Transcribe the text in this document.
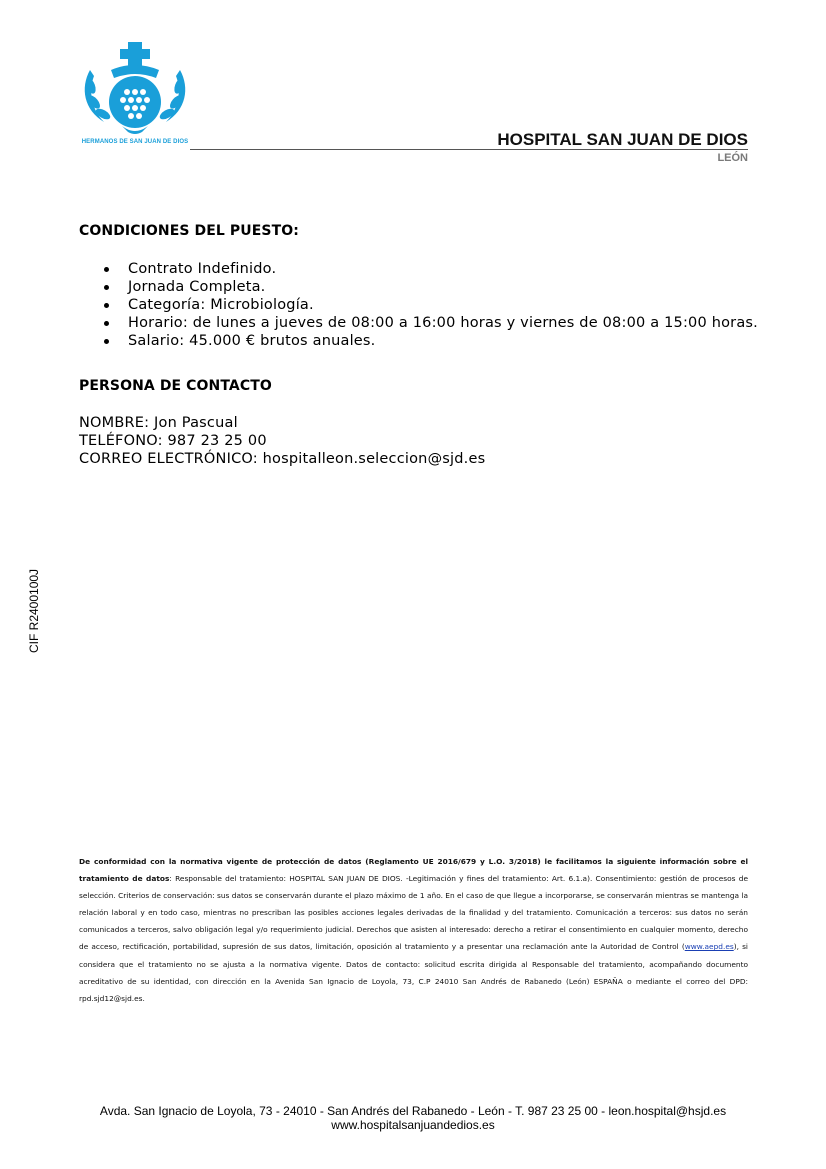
HERMANOS DE SAN JUAN DE DIOS	HOSPITAL SAN JUAN DE DIOS
LEÓN
CONDICIONES DEL PUESTO:
Contrato Indefinido.
Jornada Completa.
Categoría: Microbiología.
Horario: de lunes a jueves de 08:00 a 16:00 horas y viernes de 08:00 a 15:00 horas.
Salario: 45.000 € brutos anuales.
PERSONA DE CONTACTO
NOMBRE: Jon Pascual
TELÉFONO: 987 23 25 00
CORREO ELECTRÓNICO: hospitalleon.seleccion@sjd.es
CIF R2400100J
De conformidad con la normativa vigente de protección de datos (Reglamento UE 2016/679 y L.O. 3/2018) le facilitamos la siguiente información sobre el tratamiento de datos: Responsable del tratamiento: HOSPITAL SAN JUAN DE DIOS. -Legitimación y fines del tratamiento: Art. 6.1.a). Consentimiento: gestión de procesos de selección. Criterios de conservación: sus datos se conservarán durante el plazo máximo de 1 año. En el caso de que llegue a incorporarse, se conservarán mientras se mantenga la relación laboral y en todo caso, mientras no prescriban las posibles acciones legales derivadas de la finalidad y del tratamiento. Comunicación a terceros: sus datos no serán comunicados a terceros, salvo obligación legal y/o requerimiento judicial. Derechos que asisten al interesado: derecho a retirar el consentimiento en cualquier momento, derecho de acceso, rectificación, portabilidad, supresión de sus datos, limitación, oposición al tratamiento y a presentar una reclamación ante la Autoridad de Control (www.aepd.es), si considera que el tratamiento no se ajusta a la normativa vigente. Datos de contacto: solicitud escrita dirigida al Responsable del tratamiento, acompañando documento acreditativo de su identidad, con dirección en la Avenida San Ignacio de Loyola, 73, C.P 24010 San Andrés de Rabanedo (León) ESPAÑA o mediante el correo del DPD: rpd.sjd12@sjd.es.
Avda. San Ignacio de Loyola, 73 - 24010 - San Andrés del Rabanedo - León - T. 987 23 25 00 - leon.hospital@hsjd.es
www.hospitalsanjuandedios.es
